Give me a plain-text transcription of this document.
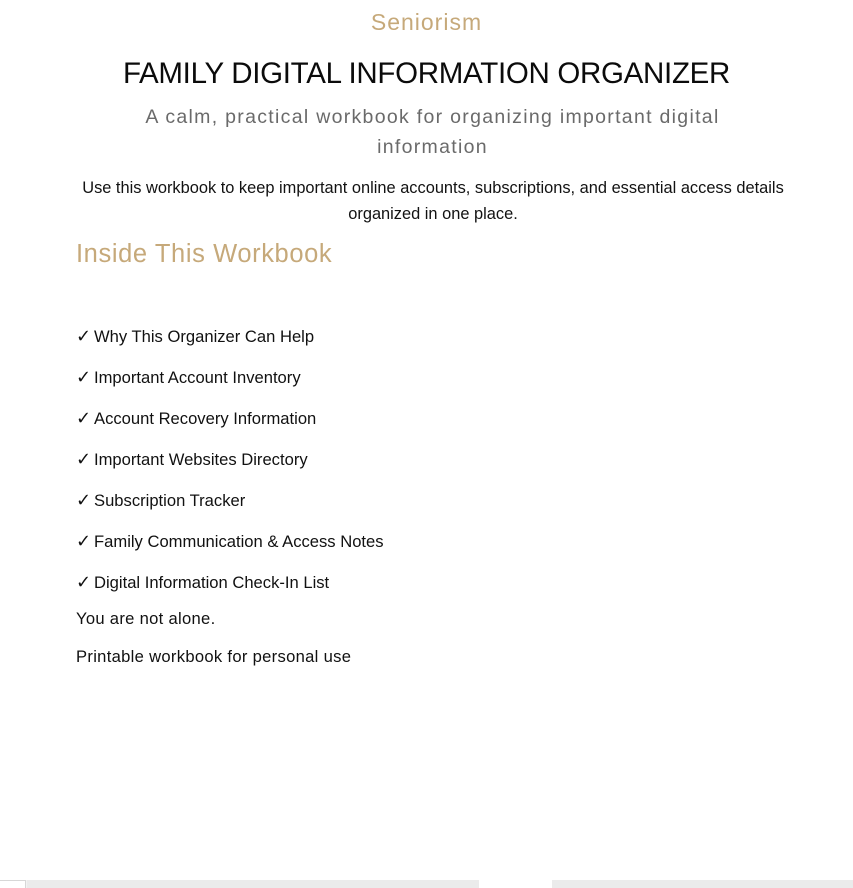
Seniorism
FAMILY DIGITAL INFORMATION ORGANIZER
A calm, practical workbook for organizing important digital information
Use this workbook to keep important online accounts, subscriptions, and essential access details organized in one place.
Inside This Workbook
✓ Why This Organizer Can Help
✓ Important Account Inventory
✓ Account Recovery Information
✓ Important Websites Directory
✓ Subscription Tracker
✓ Family Communication & Access Notes
✓ Digital Information Check-In List
You are not alone.
Printable workbook for personal use
